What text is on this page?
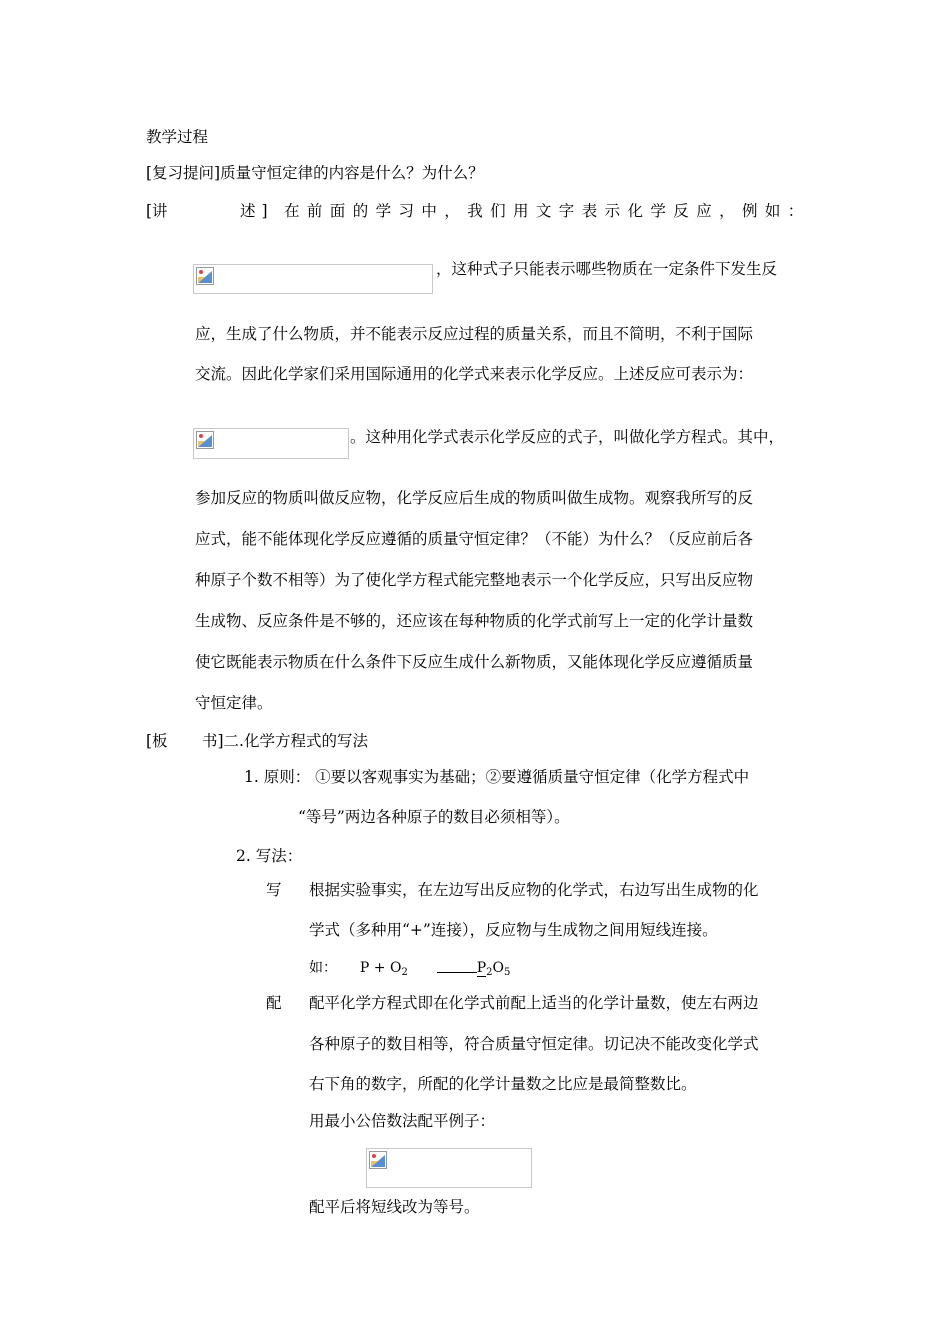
教学过程
[复习提问]质量守恒定律的内容是什么？为什么？
[讲	述] 在前面的学习中，我们用文字表示化学反应，例如：
，这种式子只能表示哪些物质在一定条件下发生反
应，生成了什么物质，并不能表示反应过程的质量关系，而且不简明，不利于国际
交流。因此化学家们采用国际通用的化学式来表示化学反应。上述反应可表示为：
。这种用化学式表示化学反应的式子，叫做化学方程式。其中，
参加反应的物质叫做反应物，化学反应后生成的物质叫做生成物。观察我所写的反
应式，能不能体现化学反应遵循的质量守恒定律？（不能）为什么？（反应前后各
种原子个数不相等）为了使化学方程式能完整地表示一个化学反应，只写出反应物
生成物、反应条件是不够的，还应该在每种物质的化学式前写上一定的化学计量数
使它既能表示物质在什么条件下反应生成什么新物质，又能体现化学反应遵循质量
守恒定律。
[板 书]二.化学方程式的写法
1. 原则： ①要以客观事实为基础；②要遵循质量守恒定律（化学方程式中
“等号”两边各种原子的数目必须相等）。
2. 写法：
写 根据实验事实，在左边写出反应物的化学式，右边写出生成物的化
学式（多种用“+”连接），反应物与生成物之间用短线连接。
如： $P + O_2$	$P_2O_5$
配 配平化学方程式即在化学式前配上适当的化学计量数，使左右两边
各种原子的数目相等，符合质量守恒定律。切记决不能改变化学式
右下角的数字，所配的化学计量数之比应是最简整数比。
用最小公倍数法配平例子：
配平后将短线改为等号。
